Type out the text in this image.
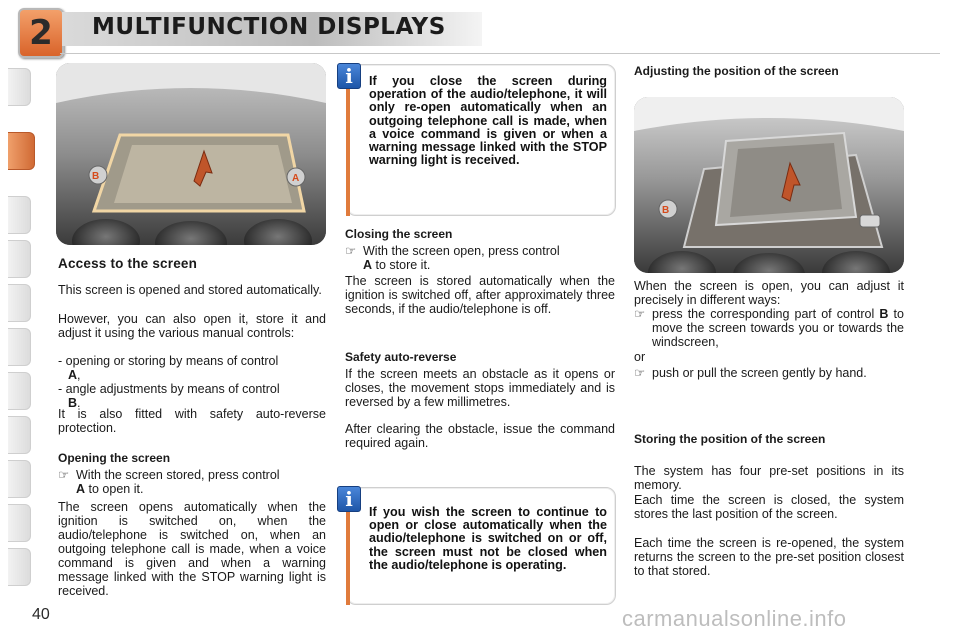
2	MULTIFUNCTION DISPLAYS
B	A
Access to the screen
This screen is opened and stored automatically.
However, you can also open it, store it and adjust it using the various manual controls:
- opening or storing by means of control
A,
- angle adjustments by means of control
B.
It is also fitted with safety auto-reverse protection.
Opening the screen
☞ With the screen stored, press control
A to open it.
The screen opens automatically when the ignition is switched on, when the audio/telephone is switched on, when an outgoing telephone call is made, when a voice command is given and when a warning message linked with the STOP warning light is received.
i	If you close the screen during operation of the audio/telephone, it will only re-open automatically when an outgoing telephone call is made, when a voice command is given or when a warning message linked with the STOP warning light is received.
Closing the screen
☞ With the screen open, press control
A to store it.
The screen is stored automatically when the ignition is switched off, after approximately three seconds, if the audio/telephone is off.
Safety auto-reverse
If the screen meets an obstacle as it opens or closes, the movement stops immediately and is reversed by a few millimetres.
After clearing the obstacle, issue the command required again.
i
If you wish the screen to continue to open or close automatically when the audio/telephone is switched on or off, the screen must not be closed when the audio/telephone is operating.
Adjusting the position of the screen
B
When the screen is open, you can adjust it precisely in different ways:
☞ press the corresponding part of control B to move the screen towards you or towards the windscreen,
or
☞ push or pull the screen gently by hand.
Storing the position of the screen
The system has four pre-set positions in its memory.
Each time the screen is closed, the system stores the last position of the screen.
Each time the screen is re-opened, the system returns the screen to the pre-set position closest to that stored.
40	carmanualsonline.info
